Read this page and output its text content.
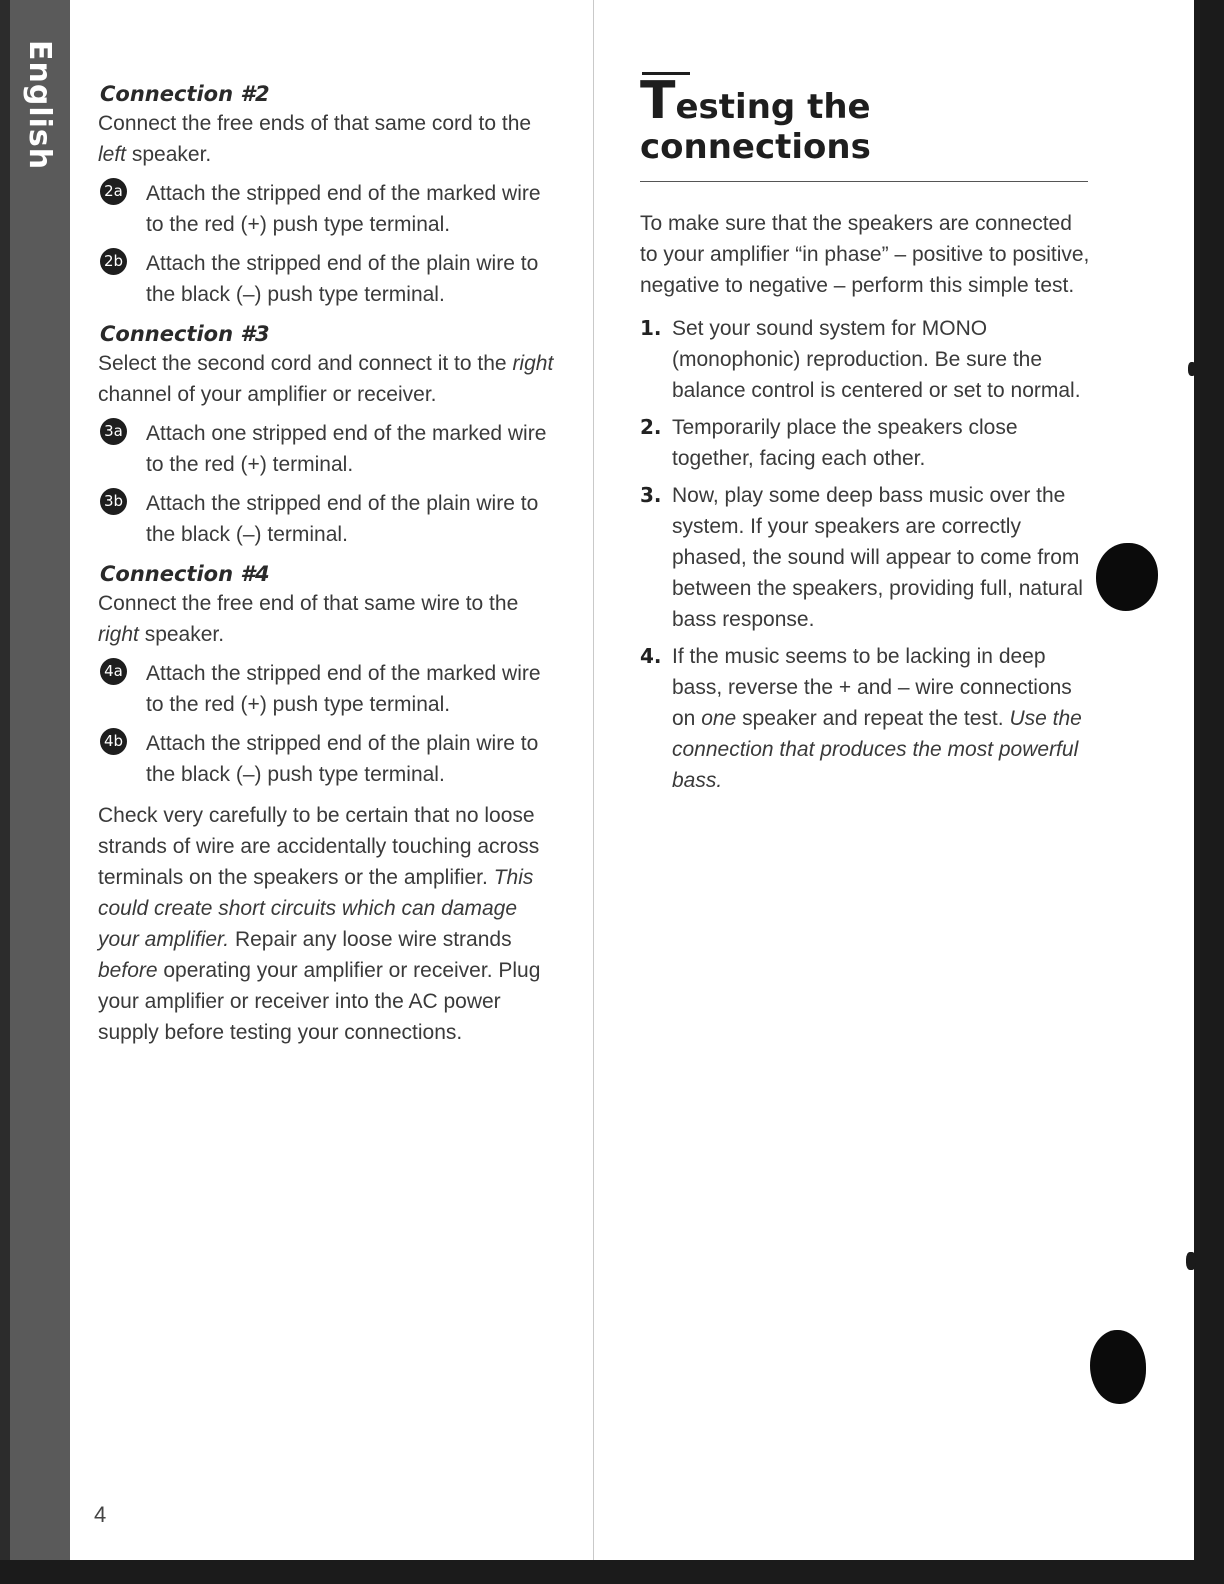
English Connection #2

Connect the free ends of that same cord to the left speaker.

2a Attach the stripped end of the marked wire to the red (+) push type terminal.
2b Attach the stripped end of the plain wire to the black (–) push type terminal.
Connection #3

Select the second cord and connect it to the right channel of your amplifier or receiver.

3a Attach one stripped end of the marked wire to the red (+) terminal.
3b Attach the stripped end of the plain wire to the black (–) terminal.
Connection #4

Connect the free end of that same wire to the right speaker.

4a Attach the stripped end of the marked wire to the red (+) push type terminal.
4b Attach the stripped end of the plain wire to the black (–) push type terminal.

Check very carefully to be certain that no loose strands of wire are accidentally touching across terminals on the speakers or the amplifier. This could create short circuits which can damage your amplifier. Repair any loose wire strands before operating your amplifier or receiver. Plug your amplifier or receiver into the AC power supply before testing your connections.

4
Testing the
connections

To make sure that the speakers are connected to your amplifier “in phase” – positive to positive, negative to negative – perform this simple test.

1. Set your sound system for MONO (monophonic) reproduction. Be sure the balance control is centered or set to normal.
2. Temporarily place the speakers close together, facing each other.
3. Now, play some deep bass music over the system. If your speakers are correctly phased, the sound will appear to come from between the speakers, providing full, natural bass response.
4. If the music seems to be lacking in deep bass, reverse the + and – wire connections on one speaker and repeat the test. Use the connection that produces the most powerful bass.
